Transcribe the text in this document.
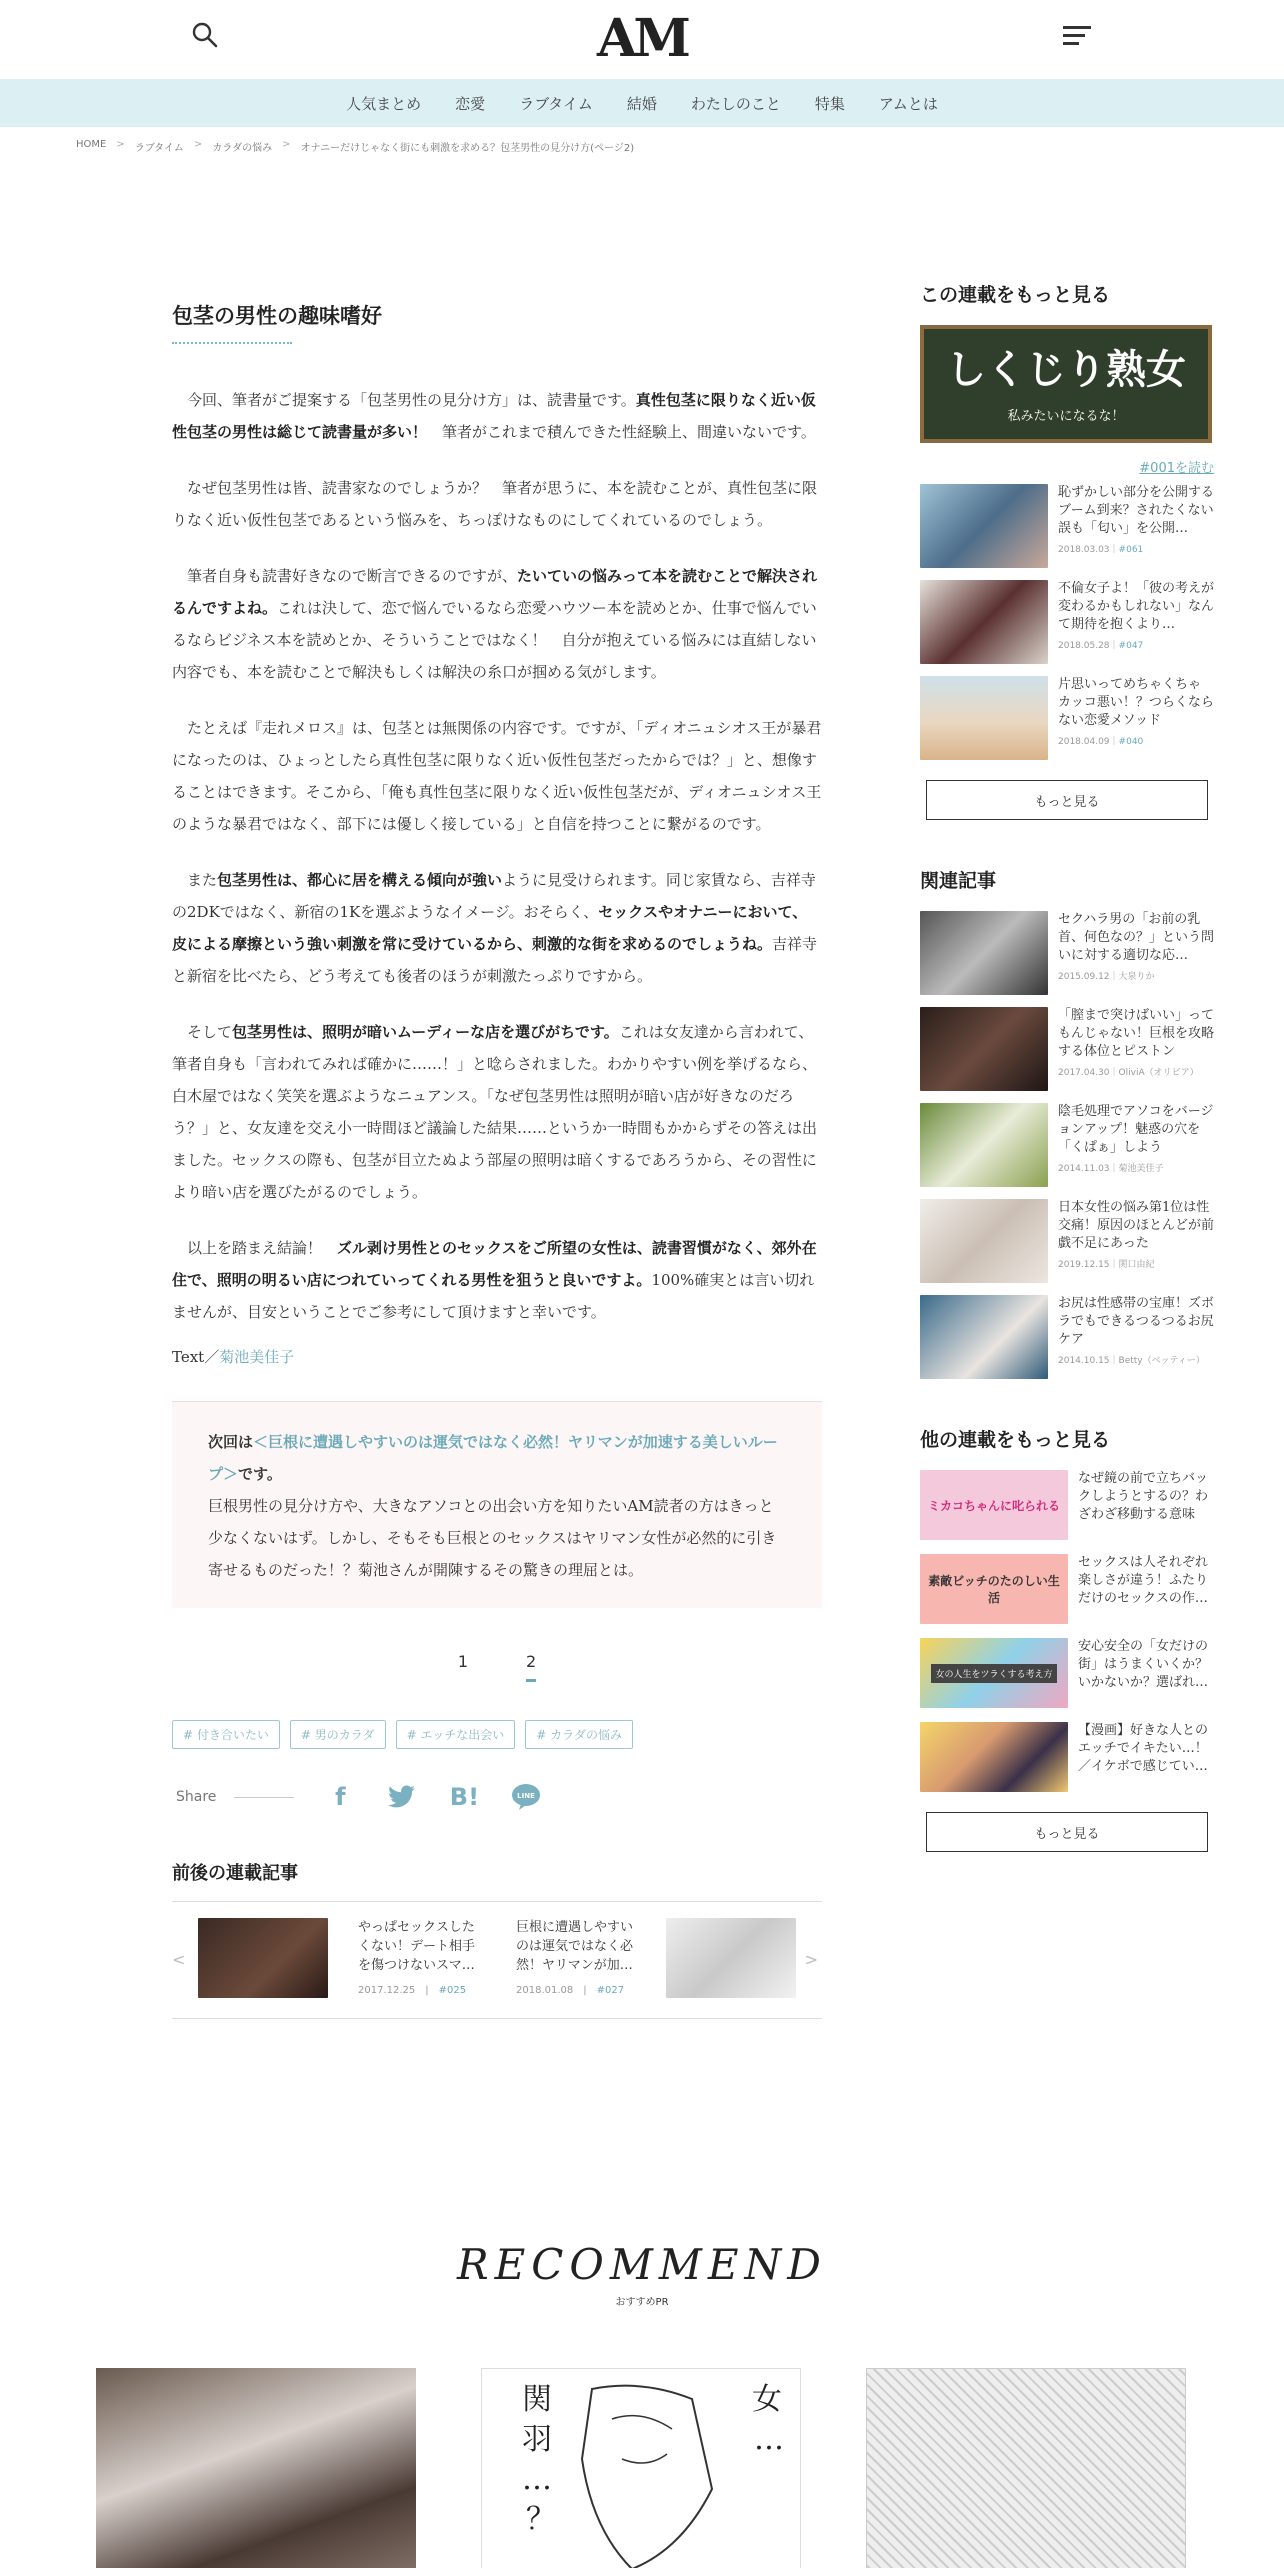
AM
人気まとめ 恋愛 ラブタイム 結婚 わたしのこと 特集 アムとは
HOME > ラブタイム > カラダの悩み > オナニーだけじゃなく街にも刺激を求める？包茎男性の見分け方(ページ2)
包茎の男性の趣味嗜好

今回、筆者がご提案する「包茎男性の見分け方」は、読書量です。真性包茎に限りなく近い仮性包茎の男性は総じて読書量が多い！　筆者がこれまで積んできた性経験上、間違いないです。

なぜ包茎男性は皆、読書家なのでしょうか？　筆者が思うに、本を読むことが、真性包茎に限りなく近い仮性包茎であるという悩みを、ちっぽけなものにしてくれているのでしょう。

筆者自身も読書好きなので断言できるのですが、たいていの悩みって本を読むことで解決されるんですよね。これは決して、恋で悩んでいるなら恋愛ハウツー本を読めとか、仕事で悩んでいるならビジネス本を読めとか、そういうことではなく！　自分が抱えている悩みには直結しない内容でも、本を読むことで解決もしくは解決の糸口が掴める気がします。

たとえば『走れメロス』は、包茎とは無関係の内容です。ですが、「ディオニュシオス王が暴君になったのは、ひょっとしたら真性包茎に限りなく近い仮性包茎だったからでは？」と、想像することはできます。そこから、「俺も真性包茎に限りなく近い仮性包茎だが、ディオニュシオス王のような暴君ではなく、部下には優しく接している」と自信を持つことに繋がるのです。

また包茎男性は、都心に居を構える傾向が強いように見受けられます。同じ家賃なら、吉祥寺の2DKではなく、新宿の1Kを選ぶようなイメージ。おそらく、セックスやオナニーにおいて、皮による摩擦という強い刺激を常に受けているから、刺激的な街を求めるのでしょうね。吉祥寺と新宿を比べたら、どう考えても後者のほうが刺激たっぷりですから。

そして包茎男性は、照明が暗いムーディーな店を選びがちです。これは女友達から言われて、筆者自身も「言われてみれば確かに……！」と唸らされました。わかりやすい例を挙げるなら、白木屋ではなく笑笑を選ぶようなニュアンス。「なぜ包茎男性は照明が暗い店が好きなのだろう？」と、女友達を交え小一時間ほど議論した結果……というか一時間もかからずその答えは出ました。セックスの際も、包茎が目立たぬよう部屋の照明は暗くするであろうから、その習性により暗い店を選びたがるのでしょう。

以上を踏まえ結論！　ズル剥け男性とのセックスをご所望の女性は、読書習慣がなく、郊外在住で、照明の明るい店につれていってくれる男性を狙うと良いですよ。100%確実とは言い切れませんが、目安ということでご参考にして頂けますと幸いです。

Text／菊池美佳子
次回は＜巨根に遭遇しやすいのは運気ではなく必然！ヤリマンが加速する美しいループ＞です。
巨根男性の見分け方や、大きなアソコとの出会い方を知りたいAM読者の方はきっと少なくないはず。しかし、そもそも巨根とのセックスはヤリマン女性が必然的に引き寄せるものだった！？菊池さんが開陳するその驚きの理屈とは。
1	2
# 付き合いたい	# 男のカラダ	# エッチな出会い	# カラダの悩み
Share	f	B!	LINE
前後の連載記事
<
やっぱセックスしたくない！デート相手を傷つけないスマ…
2017.12.25　|　#025
巨根に遭遇しやすいのは運気ではなく必然！ヤリマンが加…
2018.01.08　|　#027
>
この連載をもっと見る
しくじり熟女
私みたいになるな！
#001を読む
恥ずかしい部分を公開するブーム到来？されたくない誤も「匂い」を公開…
2018.03.03｜#061
不倫女子よ！「彼の考えが変わるかもしれない」なんて期待を抱くより…
2018.05.28｜#047
片思いってめちゃくちゃカッコ悪い！？つらくならない恋愛メソッド
2018.04.09｜#040
もっと見る
関連記事
セクハラ男の「お前の乳首、何色なの？」という問いに対する適切な応…
2015.09.12｜大泉りか
「膣まで突けばいい」ってもんじゃない！巨根を攻略する体位とピストン
2017.04.30｜OliviA（オリビア）
陰毛処理でアソコをバージョンアップ！魅惑の穴を「くぱぁ」しよう
2014.11.03｜菊池美佳子
日本女性の悩み第1位は性交痛！原因のほとんどが前戯不足にあった
2019.12.15｜関口由紀
お尻は性感帯の宝庫！ズボラでもできるつるつるお尻ケア
2014.10.15｜Betty（ベッティー）
他の連載をもっと見る
ミカコちゃんに叱られる
なぜ鏡の前で立ちバックしようとするの？わざわざ移動する意味
素敵ビッチのたのしい生活
セックスは人それぞれ楽しさが違う！ふたりだけのセックスの作…
女の人生をツラくする考え方
安心安全の「女だけの街」はうまくいくか？いかないか？選ばれ…
【漫画】好きな人とのエッチでイキたい…！／イケボで感じてい…
もっと見る
RECOMMEND
おすすめPR
関
羽
…
？
女
…
